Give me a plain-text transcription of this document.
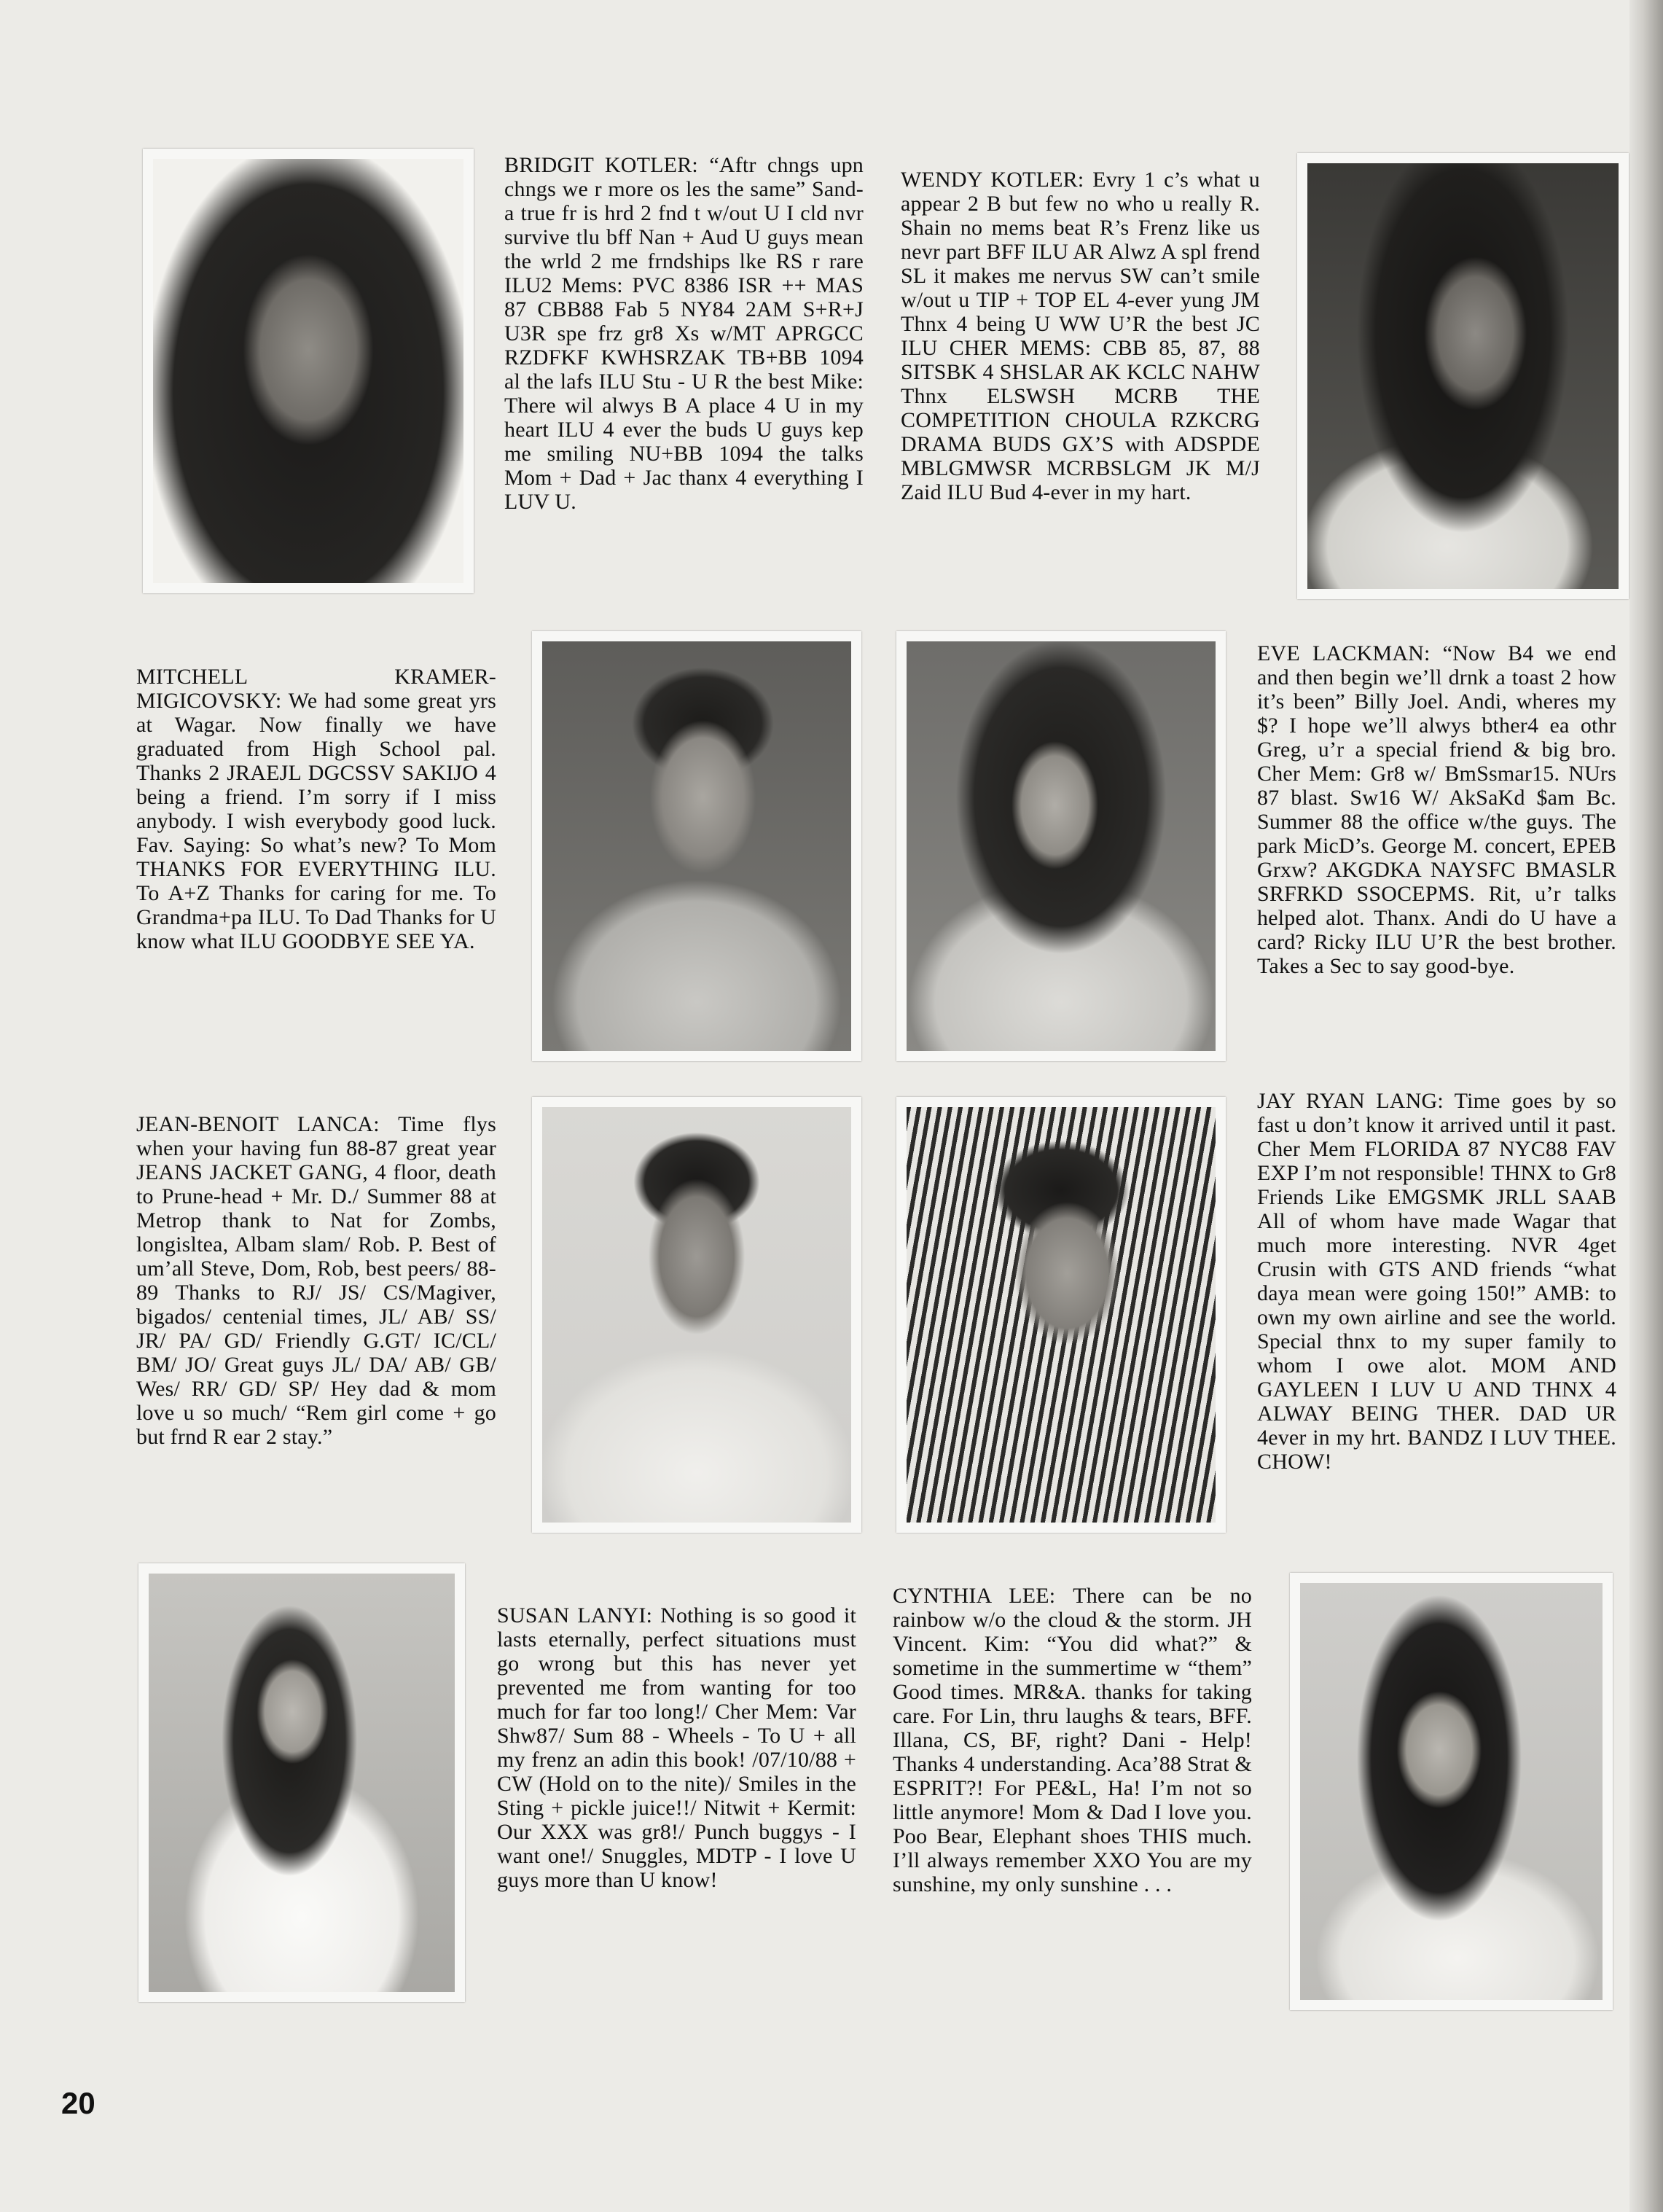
BRIDGIT KOTLER: “Aftr chngs upn chngs we r more os les the same” Sand-a true fr is hrd 2 fnd t w/out U I cld nvr survive tlu bff Nan + Aud U guys mean the wrld 2 me frndships lke RS r rare ILU2 Mems: PVC 8386 ISR ++ MAS 87 CBB88 Fab 5 NY84 2AM S+R+J U3R spe frz gr8 Xs w/MT APRGCC RZDFKF KWHSRZAK TB+BB 1094 al the lafs ILU Stu - U R the best Mike: There wil alwys B A place 4 U in my heart ILU 4 ever the buds U guys kep me smiling NU+BB 1094 the talks Mom + Dad + Jac thanx 4 everything I LUV U.
WENDY KOTLER: Evry 1 c’s what u appear 2 B but few no who u really R. Shain no mems beat R’s Frenz like us nevr part BFF ILU AR Alwz A spl frend SL it makes me nervus SW can’t smile w/out u TIP + TOP EL 4-ever yung JM Thnx 4 being U WW U’R the best JC ILU CHER MEMS: CBB 85, 87, 88 SITSBK 4 SHSLAR AK KCLC NAHW Thnx ELSWSH MCRB THE COMPETITION CHOULA RZKCRG DRAMA BUDS GX’S with ADSPDE MBLGMWSR MCRBSLGM JK M/J Zaid ILU Bud 4-ever in my hart.
MITCHELL KRAMER-MIGICOVSKY: We had some great yrs at Wagar. Now finally we have graduated from High School pal. Thanks 2 JRAEJL DGCSSV SAKIJO 4 being a friend. I’m sorry if I miss anybody. I wish everybody good luck. Fav. Saying: So what’s new? To Mom THANKS FOR EVERYTHING ILU. To A+Z Thanks for caring for me. To Grandma+pa ILU. To Dad Thanks for U know what ILU GOODBYE SEE YA.
EVE LACKMAN: “Now B4 we end and then begin we’ll drnk a toast 2 how it’s been” Billy Joel. Andi, wheres my $? I hope we’ll alwys bther4 ea othr Greg, u’r a special friend & big bro. Cher Mem: Gr8 w/ BmSsmar15. NUrs 87 blast. Sw16 W/ AkSaKd $am Bc. Summer 88 the office w/the guys. The park MicD’s. George M. concert, EPEB Grxw? AKGDKA NAYSFC BMASLR SRFRKD SSOCEPMS. Rit, u’r talks helped alot. Thanx. Andi do U have a card? Ricky ILU U’R the best brother. Takes a Sec to say good-bye.
JEAN-BENOIT LANCA: Time flys when your having fun 88-87 great year JEANS JACKET GANG, 4 floor, death to Prune-head + Mr. D./ Summer 88 at Metrop thank to Nat for Zombs, longisltea, Albam slam/ Rob. P. Best of um’all Steve, Dom, Rob, best peers/ 88-89 Thanks to RJ/ JS/ CS/Magiver, bigados/ centenial times, JL/ AB/ SS/ JR/ PA/ GD/ Friendly G.GT/ IC/CL/ BM/ JO/ Great guys JL/ DA/ AB/ GB/ Wes/ RR/ GD/ SP/ Hey dad & mom love u so much/ “Rem girl come + go but frnd R ear 2 stay.”
JAY RYAN LANG: Time goes by so fast u don’t know it arrived until it past. Cher Mem FLORIDA 87 NYC88 FAV EXP I’m not responsible! THNX to Gr8 Friends Like EMGSMK JRLL SAAB All of whom have made Wagar that much more interesting. NVR 4get Crusin with GTS AND friends “what daya mean were going 150!” AMB: to own my own airline and see the world. Special thnx to my super family to whom I owe alot. MOM AND GAYLEEN I LUV U AND THNX 4 ALWAY BEING THER. DAD UR 4ever in my hrt. BANDZ I LUV THEE. CHOW!
SUSAN LANYI: Nothing is so good it lasts eternally, perfect situations must go wrong but this has never yet prevented me from wanting for too much for far too long!/ Cher Mem: Var Shw87/ Sum 88 - Wheels - To U + all my frenz an adin this book! /07/10/88 + CW (Hold on to the nite)/ Smiles in the Sting + pickle juice!!/ Nitwit + Kermit: Our XXX was gr8!/ Punch buggys - I want one!/ Snuggles, MDTP - I love U guys more than U know!
CYNTHIA LEE: There can be no rainbow w/o the cloud & the storm. JH Vincent. Kim: “You did what?” & sometime in the summertime w “them” Good times. MR&A. thanks for taking care. For Lin, thru laughs & tears, BFF. Illana, CS, BF, right? Dani - Help! Thanks 4 understanding. Aca’88 Strat & ESPRIT?! For PE&L, Ha! I’m not so little anymore! Mom & Dad I love you. Poo Bear, Elephant shoes THIS much. I’ll always remember XXO You are my sunshine, my only sunshine . . .
20
